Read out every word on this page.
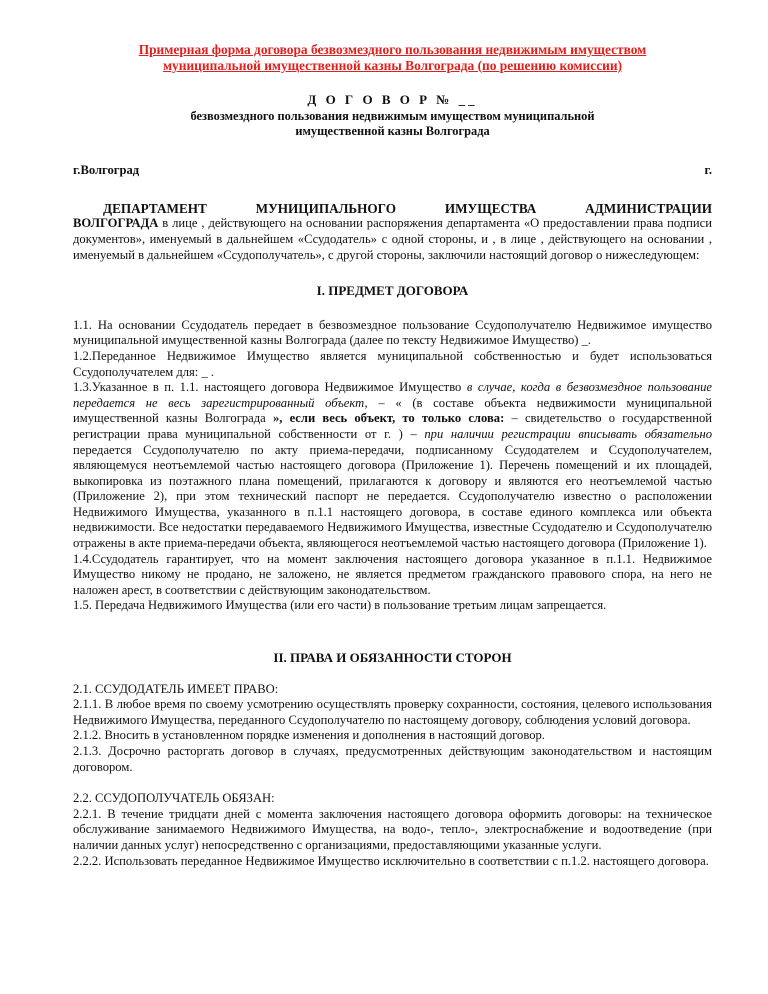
Примерная форма договора безвозмездного пользования недвижимым имуществом
муниципальной имущественной казны Волгограда (по решению комиссии)
Д О Г О В О Р № __
безвозмездного пользования недвижимым имуществом муниципальной
имущественной казны Волгограда
г.Волгоград	г.
ДЕПАРТАМЕНТ	МУНИЦИПАЛЬНОГО	ИМУЩЕСТВА	АДМИНИСТРАЦИИ
ВОЛГОГРАДА в лице , действующего на основании распоряжения департамента «О предоставлении права подписи документов», именуемый в дальнейшем «Ссудодатель» с одной стороны, и , в лице , действующего на основании , именуемый в дальнейшем «Ссудополучатель», с другой стороны, заключили настоящий договор о нижеследующем:
I. ПРЕДМЕТ ДОГОВОРА
1.1. На основании Ссудодатель передает в безвозмездное пользование Ссудополучателю Недвижимое имущество муниципальной имущественной казны Волгограда (далее по тексту Недвижимое Имущество) _.
1.2.Переданное Недвижимое Имущество является муниципальной собственностью и будет использоваться Ссудополучателем для: _ .
1.3.Указанное в п. 1.1. настоящего договора Недвижимое Имущество в случае, когда в безвозмездное пользование передается не весь зарегистрированный объект, – « (в составе объекта недвижимости муниципальной имущественной казны Волгограда », если весь объект, то только слова: – свидетельство о государственной регистрации права муниципальной собственности от г. ) – при наличии регистрации вписывать обязательно передается Ссудополучателю по акту приема-передачи, подписанному Ссудодателем и Ссудополучателем, являющемуся неотъемлемой частью настоящего договора (Приложение 1). Перечень помещений и их площадей, выкопировка из поэтажного плана помещений, прилагаются к договору и являются его неотъемлемой частью (Приложение 2), при этом технический паспорт не передается. Ссудополучателю известно о расположении Недвижимого Имущества, указанного в п.1.1 настоящего договора, в составе единого комплекса или объекта недвижимости. Все недостатки передаваемого Недвижимого Имущества, известные Ссудодателю и Ссудополучателю отражены в акте приема-передачи объекта, являющегося неотъемлемой частью настоящего договора (Приложение 1).
1.4.Ссудодатель гарантирует, что на момент заключения настоящего договора указанное в п.1.1. Недвижимое Имущество никому не продано, не заложено, не является предметом гражданского правового спора, на него не наложен арест, в соответствии с действующим законодательством.
1.5. Передача Недвижимого Имущества (или его части) в пользование третьим лицам запрещается.
II. ПРАВА И ОБЯЗАННОСТИ СТОРОН
2.1. ССУДОДАТЕЛЬ ИМЕЕТ ПРАВО:
2.1.1. В любое время по своему усмотрению осуществлять проверку сохранности, состояния, целевого использования Недвижимого Имущества, переданного Ссудополучателю по настоящему договору, соблюдения условий договора.
2.1.2. Вносить в установленном порядке изменения и дополнения в настоящий договор.
2.1.3. Досрочно расторгать договор в случаях, предусмотренных действующим законодательством и настоящим договором.
2.2. ССУДОПОЛУЧАТЕЛЬ ОБЯЗАН:
2.2.1. В течение тридцати дней с момента заключения настоящего договора оформить договоры: на техническое обслуживание занимаемого Недвижимого Имущества, на водо-, тепло-, электроснабжение и водоотведение (при наличии данных услуг) непосредственно с организациями, предоставляющими указанные услуги.
2.2.2. Использовать переданное Недвижимое Имущество исключительно в соответствии с п.1.2. настоящего договора.
